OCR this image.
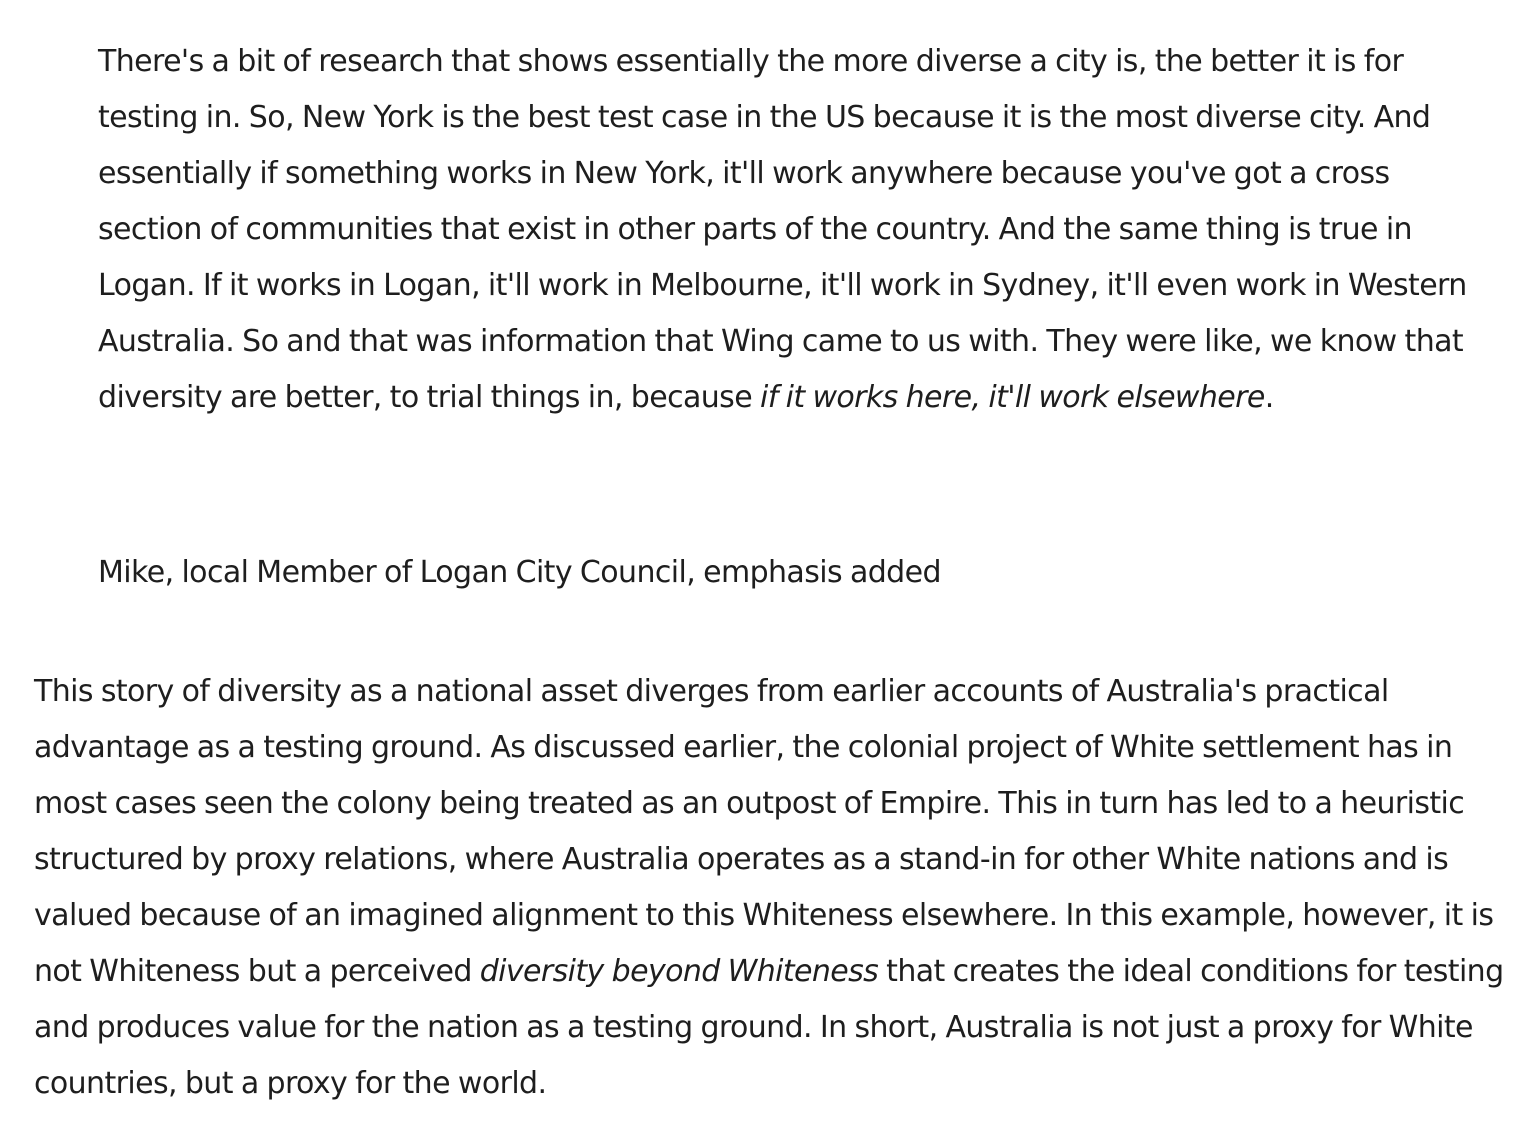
There's a bit of research that shows essentially the more diverse a city is, the better it is for testing in. So, New York is the best test case in the US because it is the most diverse city. And essentially if something works in New York, it'll work anywhere because you've got a cross section of communities that exist in other parts of the country. And the same thing is true in Logan. If it works in Logan, it'll work in Melbourne, it'll work in Sydney, it'll even work in Western Australia. So and that was information that Wing came to us with. They were like, we know that diversity are better, to trial things in, because if it works here, it'll work elsewhere.

Mike, local Member of Logan City Council, emphasis added

This story of diversity as a national asset diverges from earlier accounts of Australia's practical advantage as a testing ground. As discussed earlier, the colonial project of White settlement has in most cases seen the colony being treated as an outpost of Empire. This in turn has led to a heuristic structured by proxy relations, where Australia operates as a stand-in for other White nations and is valued because of an imagined alignment to this Whiteness elsewhere. In this example, however, it is not Whiteness but a perceived diversity beyond Whiteness that creates the ideal conditions for testing and produces value for the nation as a testing ground. In short, Australia is not just a proxy for White countries, but a proxy for the world.
